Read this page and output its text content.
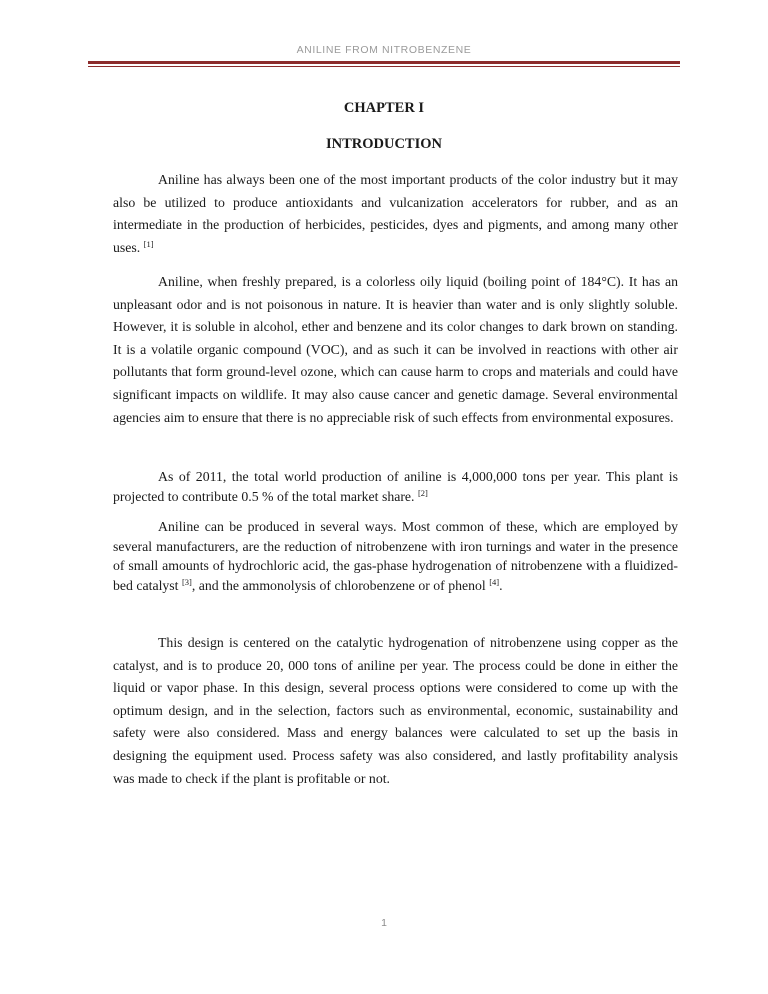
ANILINE FROM NITROBENZENE
CHAPTER I
INTRODUCTION

Aniline has always been one of the most important products of the color industry but it may also be utilized to produce antioxidants and vulcanization accelerators for rubber, and as an intermediate in the production of herbicides, pesticides, dyes and pigments, and among many other uses. [1]

Aniline, when freshly prepared, is a colorless oily liquid (boiling point of 184°C). It has an unpleasant odor and is not poisonous in nature. It is heavier than water and is only slightly soluble. However, it is soluble in alcohol, ether and benzene and its color changes to dark brown on standing. It is a volatile organic compound (VOC), and as such it can be involved in reactions with other air pollutants that form ground-level ozone, which can cause harm to crops and materials and could have significant impacts on wildlife. It may also cause cancer and genetic damage. Several environmental agencies aim to ensure that there is no appreciable risk of such effects from environmental exposures.

As of 2011, the total world production of aniline is 4,000,000 tons per year. This plant is projected to contribute 0.5 % of the total market share. [2]

Aniline can be produced in several ways. Most common of these, which are employed by several manufacturers, are the reduction of nitrobenzene with iron turnings and water in the presence of small amounts of hydrochloric acid, the gas-phase hydrogenation of nitrobenzene with a fluidized-bed catalyst [3], and the ammonolysis of chlorobenzene or of phenol [4].

This design is centered on the catalytic hydrogenation of nitrobenzene using copper as the catalyst, and is to produce 20, 000 tons of aniline per year. The process could be done in either the liquid or vapor phase. In this design, several process options were considered to come up with the optimum design, and in the selection, factors such as environmental, economic, sustainability and safety were also considered. Mass and energy balances were calculated to set up the basis in designing the equipment used. Process safety was also considered, and lastly profitability analysis was made to check if the plant is profitable or not.

1
